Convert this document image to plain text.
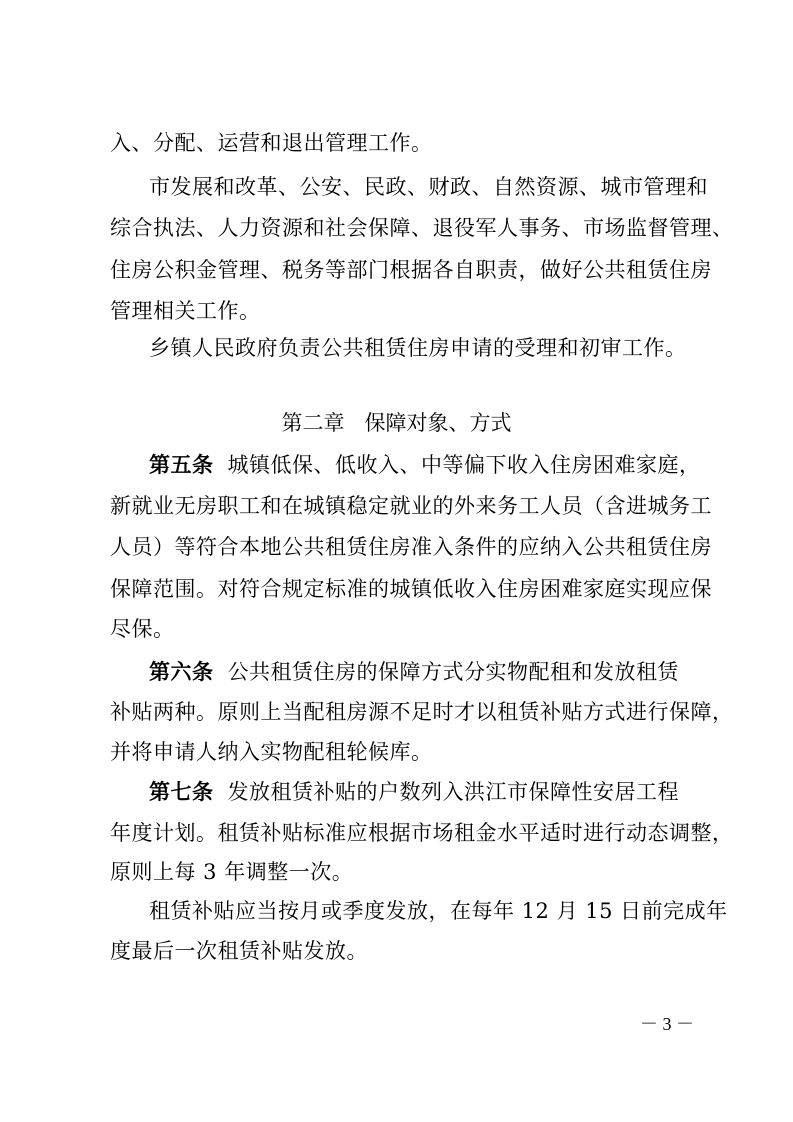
入、分配、运营和退出管理工作。
市发展和改革、公安、民政、财政、自然资源、城市管理和
综合执法、人力资源和社会保障、退役军人事务、市场监督管理、
住房公积金管理、税务等部门根据各自职责，做好公共租赁住房
管理相关工作。
乡镇人民政府负责公共租赁住房申请的受理和初审工作。
第二章 保障对象、方式
第五条 城镇低保、低收入、中等偏下收入住房困难家庭，
新就业无房职工和在城镇稳定就业的外来务工人员（含进城务工
人员）等符合本地公共租赁住房准入条件的应纳入公共租赁住房
保障范围。对符合规定标准的城镇低收入住房困难家庭实现应保
尽保。
第六条 公共租赁住房的保障方式分实物配租和发放租赁
补贴两种。原则上当配租房源不足时才以租赁补贴方式进行保障，
并将申请人纳入实物配租轮候库。
第七条 发放租赁补贴的户数列入洪江市保障性安居工程
年度计划。租赁补贴标准应根据市场租金水平适时进行动态调整，
原则上每 3 年调整一次。
租赁补贴应当按月或季度发放，在每年 12 月 15 日前完成年
度最后一次租赁补贴发放。
－ 3 －
